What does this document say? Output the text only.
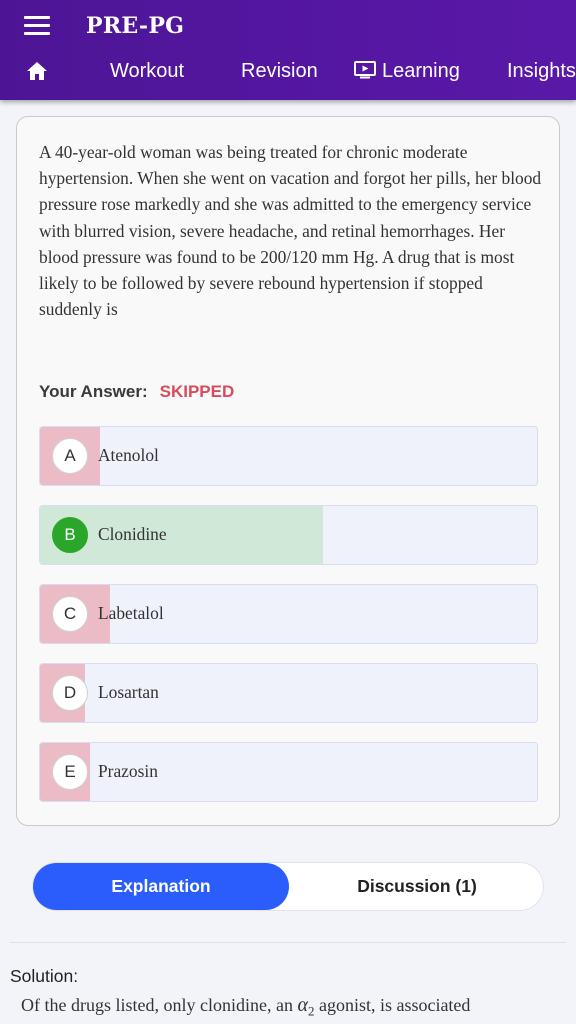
PRE-PG
Workout	Revision	Learning Insights
A 40-year-old woman was being treated for chronic moderate hypertension. When she went on vacation and forgot her pills, her blood pressure rose markedly and she was admitted to the emergency service with blurred vision, severe headache, and retinal hemorrhages. Her blood pressure was found to be 200/120 mm Hg. A drug that is most likely to be followed by severe rebound hypertension if stopped suddenly is
Your Answer: SKIPPED
A	Atenolol
B	Clonidine
C	Labetalol
D	Losartan
E	Prazosin
Explanation	Discussion (1)
Solution:
Of the drugs listed, only clonidine, an $\alpha_2$ agonist, is associated
